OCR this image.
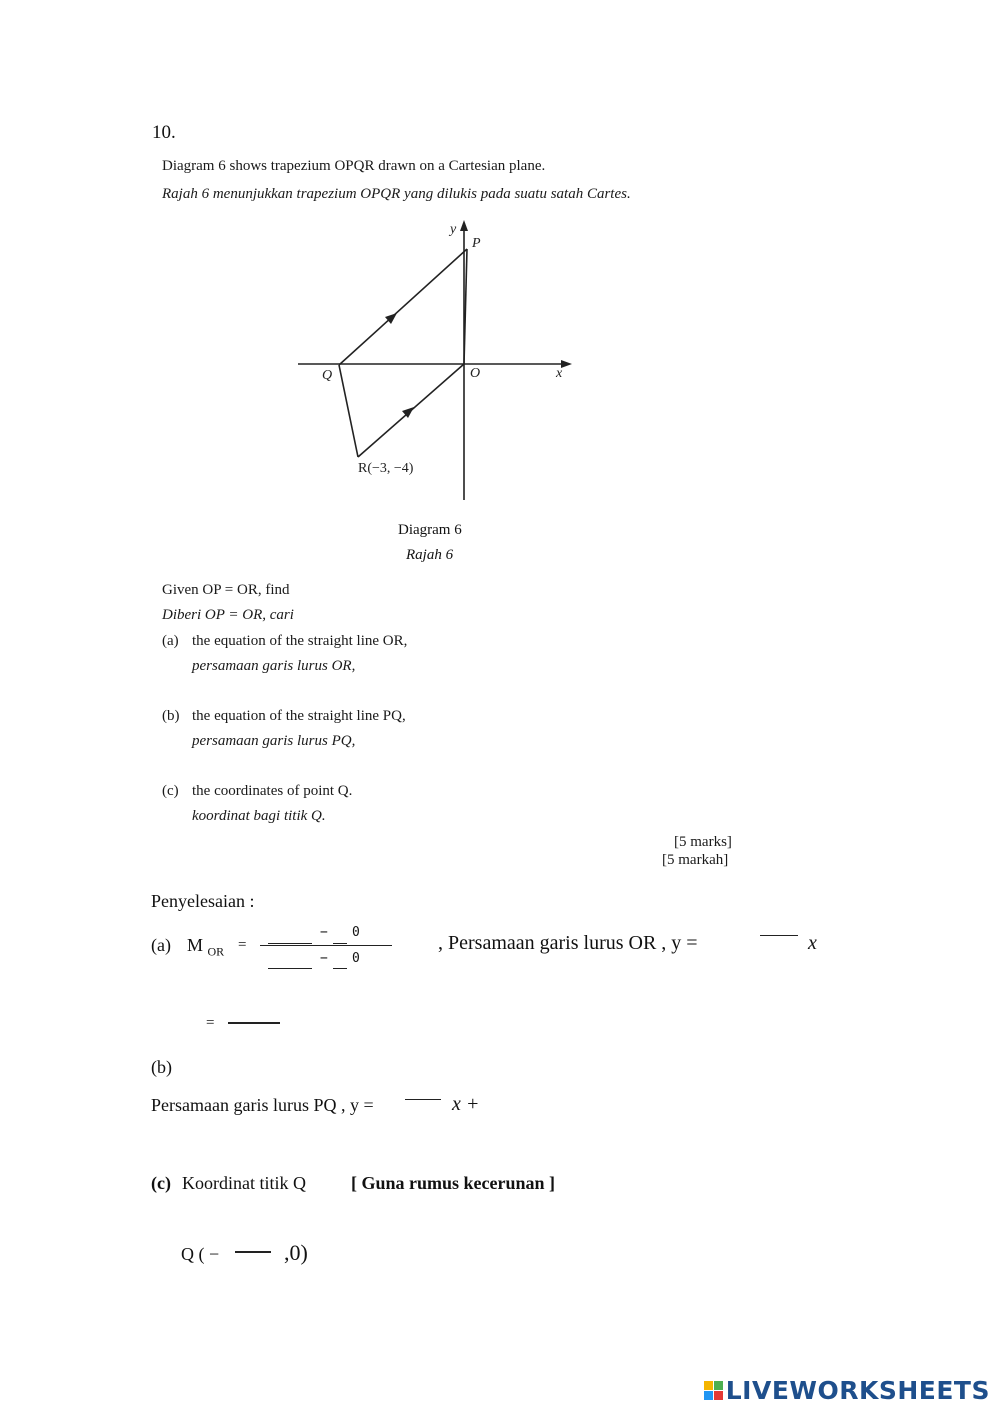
10.
Diagram 6 shows trapezium OPQR drawn on a Cartesian plane.
Rajah 6 menunjukkan trapezium OPQR yang dilukis pada suatu satah Cartes.
y
P
O	x
Q
R(−3, −4)
Diagram 6
Rajah 6
Given OP = OR, find
Diberi OP = OR, cari
(a) the equation of the straight line OR,
persamaan garis lurus OR,
(b) the equation of the straight line PQ,
persamaan garis lurus PQ,
(c) the coordinates of point Q.
koordinat bagi titik Q.
[5 marks]
[5 markah]
Penyelesaian :
(a) M $_{OR}$ =
− 0
− 0
, Persamaan garis lurus OR , y =	x
=
(b)
Persamaan garis lurus PQ , y =	x +
(c) Koordinat titik Q	[ Guna rumus kecerunan ]
Q ( −	,0)
LIVEWORKSHEETS
